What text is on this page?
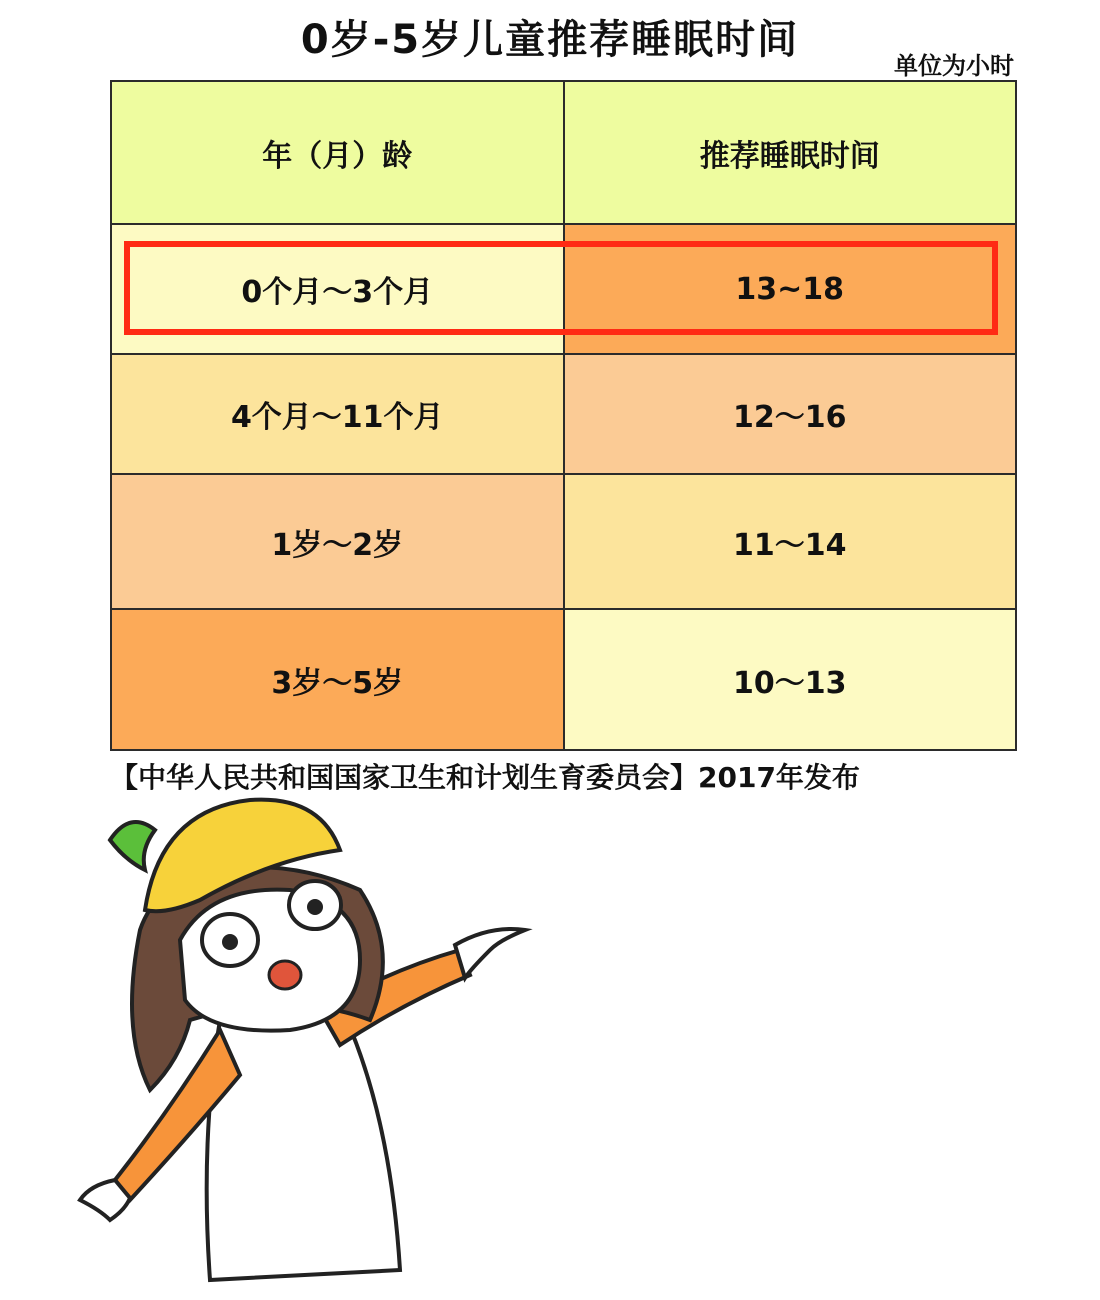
0岁-5岁儿童推荐睡眠时间
单位为小时
年（月）龄	推荐睡眠时间
0个月～3个月	13~18
4个月～11个月	12～16
1岁～2岁	11～14
3岁～5岁	10～13
【中华人民共和国国家卫生和计划生育委员会】2017年发布
